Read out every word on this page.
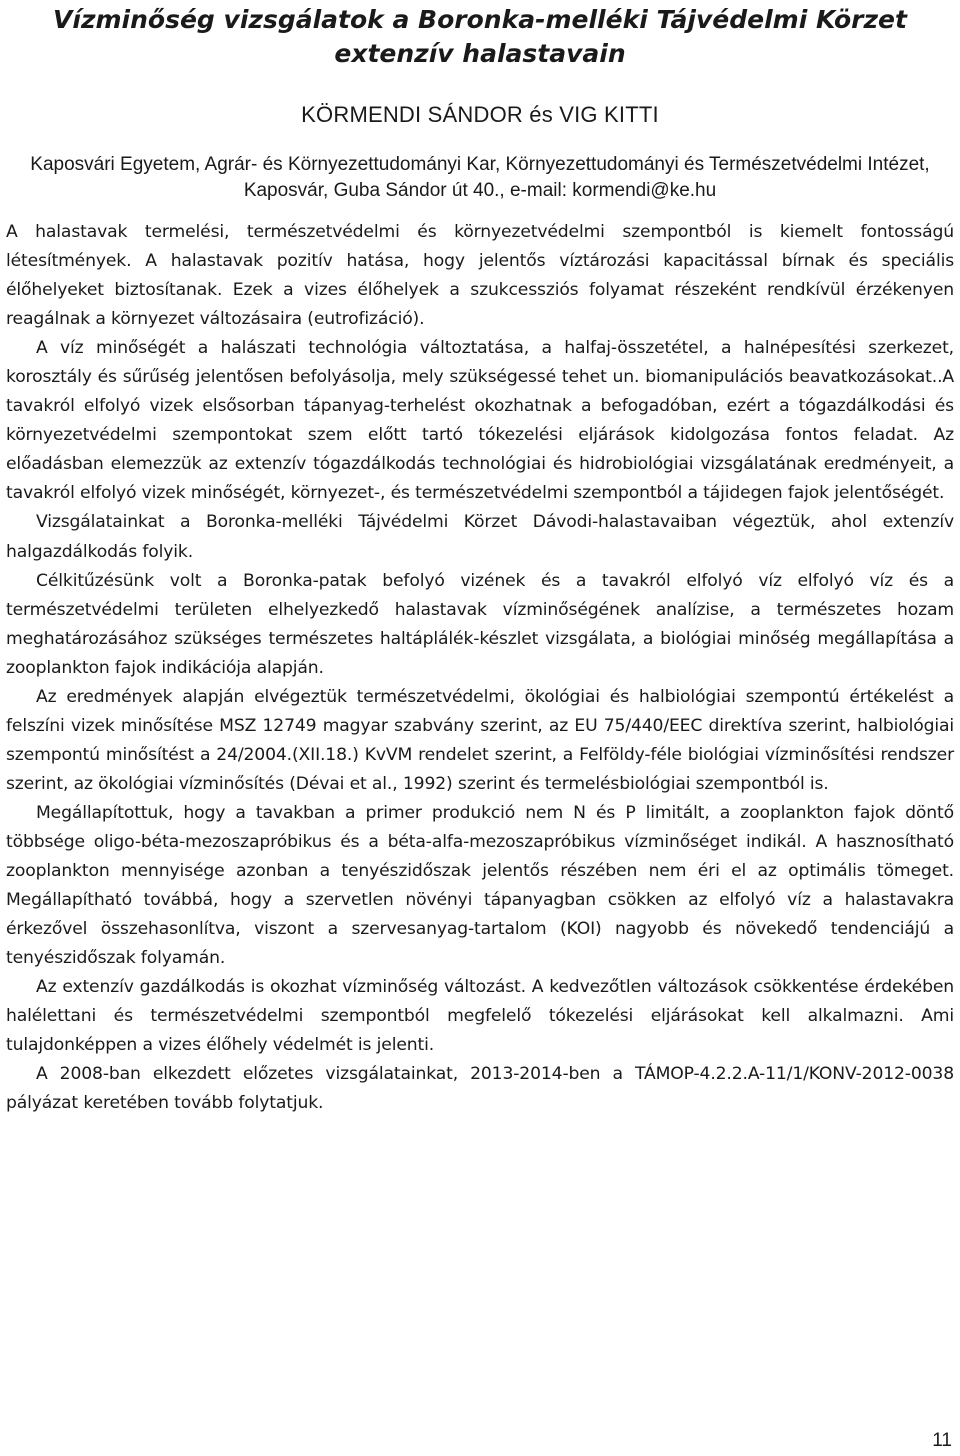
Vízminőség vizsgálatok a Boronka-melléki Tájvédelmi Körzet extenzív halastavain
KÖRMENDI SÁNDOR és VIG KITTI
Kaposvári Egyetem, Agrár- és Környezettudományi Kar, Környezettudományi és Természetvédelmi Intézet, Kaposvár, Guba Sándor út 40., e-mail: kormendi@ke.hu

A halastavak termelési, természetvédelmi és környezetvédelmi szempontból is kiemelt fontosságú létesítmények. A halastavak pozitív hatása, hogy jelentős víztározási kapacitással bírnak és speciális élőhelyeket biztosítanak. Ezek a vizes élőhelyek a szukcessziós folyamat részeként rendkívül érzékenyen reagálnak a környezet változásaira (eutrofizáció).

A víz minőségét a halászati technológia változtatása, a halfaj-összetétel, a halnépesítési szerkezet, korosztály és sűrűség jelentősen befolyásolja, mely szükségessé tehet un. biomanipulációs beavatkozásokat..A tavakról elfolyó vizek elsősorban tápanyag-terhelést okozhatnak a befogadóban, ezért a tógazdálkodási és környezetvédelmi szempontokat szem előtt tartó tókezelési eljárások kidolgozása fontos feladat. Az előadásban elemezzük az extenzív tógazdálkodás technológiai és hidrobiológiai vizsgálatának eredményeit, a tavakról elfolyó vizek minőségét, környezet-, és természetvédelmi szempontból a tájidegen fajok jelentőségét.

Vizsgálatainkat a Boronka-melléki Tájvédelmi Körzet Dávodi-halastavaiban végeztük, ahol extenzív halgazdálkodás folyik.

Célkitűzésünk volt a Boronka-patak befolyó vizének és a tavakról elfolyó víz elfolyó víz és a természetvédelmi területen elhelyezkedő halastavak vízminőségének analízise, a természetes hozam meghatározásához szükséges természetes haltáplálék-készlet vizsgálata, a biológiai minőség megállapítása a zooplankton fajok indikációja alapján.

Az eredmények alapján elvégeztük természetvédelmi, ökológiai és halbiológiai szempontú értékelést a felszíni vizek minősítése MSZ 12749 magyar szabvány szerint, az EU 75/440/EEC direktíva szerint, halbiológiai szempontú minősítést a 24/2004.(XII.18.) KvVM rendelet szerint, a Felföldy-féle biológiai vízminősítési rendszer szerint, az ökológiai vízminősítés (Dévai et al., 1992) szerint és termelésbiológiai szempontból is.

Megállapítottuk, hogy a tavakban a primer produkció nem N és P limitált, a zooplankton fajok döntő többsége oligo-béta-mezoszapróbikus és a béta-alfa-mezoszapróbikus vízminőséget indikál. A hasznosítható zooplankton mennyisége azonban a tenyészidőszak jelentős részében nem éri el az optimális tömeget. Megállapítható továbbá, hogy a szervetlen növényi tápanyagban csökken az elfolyó víz a halastavakra érkezővel összehasonlítva, viszont a szervesanyag-tartalom (KOI) nagyobb és növekedő tendenciájú a tenyészidőszak folyamán.

Az extenzív gazdálkodás is okozhat vízminőség változást. A kedvezőtlen változások csökkentése érdekében halélettani és természetvédelmi szempontból megfelelő tókezelési eljárásokat kell alkalmazni. Ami tulajdonképpen a vizes élőhely védelmét is jelenti.

A 2008-ban elkezdett előzetes vizsgálatainkat, 2013-2014-ben a TÁMOP-4.2.2.A-11/1/KONV-2012-0038 pályázat keretében tovább folytatjuk.

11
